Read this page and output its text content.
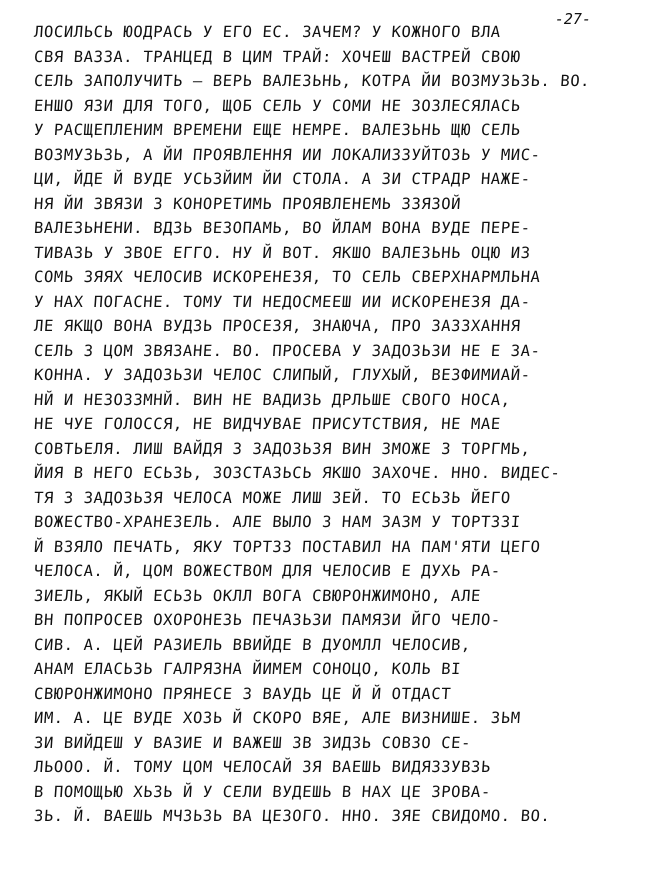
-27-
ЛОСИЛЬСЬ ЮОДРАСЬ У ЕГО ЕС. ЗАЧЕМ? У КОЖНОГО ВЛА
СВЯ ВАЗЗА. ТРАНЦЕД В ЦИМ ТРАЙ: ХОЧЕШ ВАСТРЕЙ СВОЮ
СЕЛЬ ЗАПОЛУЧИТЬ — ВЕРЬ ВАЛЕЗЬНЬ, КОТРА ЙИ ВОЗМУЗЬЗЬ. ВО.
ЕНШО ЯЗИ ДЛЯ ТОГО, ЩОБ СЕЛЬ У СОМИ НЕ ЗОЗЛЕСЯЛАСЬ
У РАСЩЕПЛЕНИМ ВРЕМЕНИ ЕЩЕ НЕМРЕ. ВАЛЕЗЬНЬ ЩЮ СЕЛЬ
ВОЗМУЗЬЗЬ, А ЙИ ПРОЯВЛЕННЯ ИИ ЛОКАЛИЗЗУЙТОЗЬ У МИС-
ЦИ, ЙДЕ Й ВУДЕ УСЬЗЙИМ ЙИ СТОЛА. А ЗИ СТРАДР НАЖЕ-
НЯ ЙИ ЗВЯЗИ З КОНОРЕТИМЬ ПРОЯВЛЕНЕМЬ ЗЗЯЗОЙ
ВАЛЕЗЬНЕНИ. ВДЗЬ ВЕЗОПАМЬ, ВО ЙЛАМ ВОНА ВУДЕ ПЕРЕ-
ТИВАЗЬ У ЗВОЕ ЕГГО. НУ Й ВОТ. ЯКШО ВАЛЕЗЬНЬ ОЦЮ ИЗ
СОМЬ ЗЯЯХ ЧЕЛОСИВ ИСКОРЕНЕЗЯ, ТО СЕЛЬ СВЕРХНАРМЛЬНА
У НАХ ПОГАСНЕ. ТОМУ ТИ НЕДОСМЕЕШ ИИ ИСКОРЕНЕЗЯ ДА-
ЛЕ ЯКЩО ВОНА ВУДЗЬ ПРОСЕЗЯ, ЗНАЮЧА, ПРО ЗАЗЗХАННЯ
СЕЛЬ З ЦОМ ЗВЯЗАНЕ. ВО. ПРОСЕВА У ЗАДОЗЬЗИ НЕ Е ЗА-
КОННА. У ЗАДОЗЬЗИ ЧЕЛОС СЛИПЫЙ, ГЛУХЫЙ, ВЕЗФИМИАЙ-
НЙ И НЕЗОЗЗМНЙ. ВИН НЕ ВАДИЗЬ ДРЛЬШЕ СВОГО НОСА,
НЕ ЧУЕ ГОЛОССЯ, НЕ ВИДЧУВАЕ ПРИСУТСТВИЯ, НЕ МАЕ
СОВТЬЕЛЯ. ЛИШ ВАЙДЯ З ЗАДОЗЬЗЯ ВИН ЗМОЖЕ З ТОРГМЬ,
ЙИЯ В НЕГО ЕСЬЗЬ, ЗОЗСТАЗЬСЬ ЯКШО ЗАХОЧЕ. ННО. ВИДЕС-
ТЯ З ЗАДОЗЬЗЯ ЧЕЛОСА МОЖЕ ЛИШ ЗЕЙ. ТО ЕСЬЗЬ ЙЕГО
ВОЖЕСТВО-ХРАНЕЗЕЛЬ. АЛЕ ВЫЛО З НАМ ЗАЗМ У ТОРТЗЗІ
Й ВЗЯЛО ПЕЧАТЬ, ЯКУ ТОРТЗЗ ПОСТАВИЛ НА ПАМ'ЯТИ ЦЕГО
ЧЕЛОСА. Й, ЦОМ ВОЖЕСТВОМ ДЛЯ ЧЕЛОСИВ Е ДУХЬ РА-
ЗИЕЛЬ, ЯКЫЙ ЕСЬЗЬ ОКЛЛ ВОГА СВЮРОНЖИМОНО, АЛЕ
ВН ПОПРОСЕВ ОХОРОНЕЗЬ ПЕЧАЗЬЗИ ПАМЯЗИ ЙГО ЧЕЛО-
СИВ. А. ЦЕЙ РАЗИЕЛЬ ВВИЙДЕ В ДУОМЛЛ ЧЕЛОСИВ,
АНАМ ЕЛАСЬЗЬ ГАЛРЯЗНА ЙИМЕМ СОНОЦО, КОЛЬ ВІ
СВЮРОНЖИМОНО ПРЯНЕСЕ З ВАУДЬ ЦЕ Й Й ОТДАСТ
ИМ. А. ЦЕ ВУДЕ ХОЗЬ Й СКОРО ВЯЕ, АЛЕ ВИЗНИШЕ. ЗЬМ
ЗИ ВИЙДЕШ У ВАЗИЕ И ВАЖЕШ ЗВ ЗИДЗЬ СОВЗО СЕ-
ЛЬООО. Й. ТОМУ ЦОМ ЧЕЛОСАЙ ЗЯ ВАЕШЬ ВИДЯЗЗУВЗЬ
В ПОМОЩЬЮ ХЬЗЬ Й У СЕЛИ ВУДЕШЬ В НАХ ЦЕ ЗРОВА-
ЗЬ. Й. ВАЕШЬ МЧЗЬЗЬ ВА ЦЕЗОГО. ННО. ЗЯЕ СВИДОМО. ВО.
